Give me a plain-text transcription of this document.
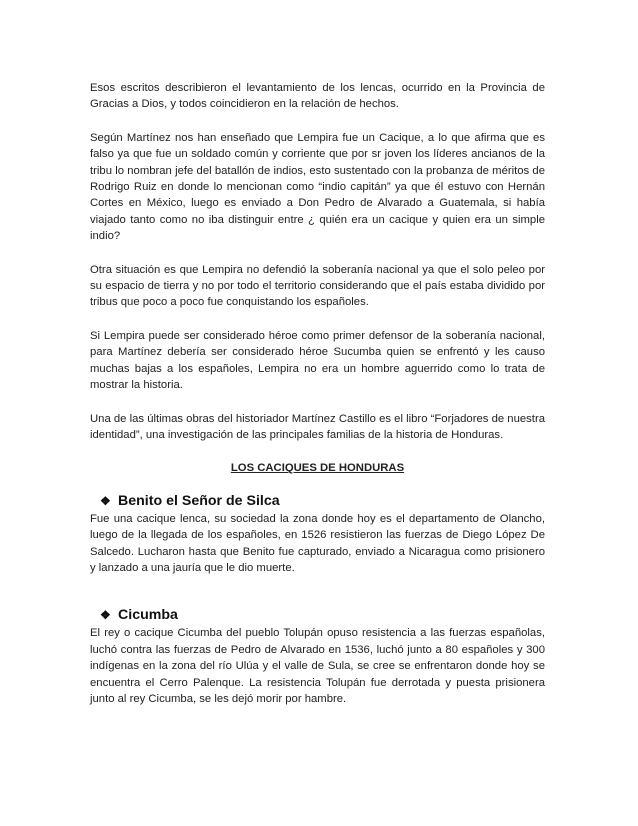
Esos escritos describieron el levantamiento de los lencas, ocurrido en la Provincia de Gracias a Dios, y todos coincidieron en la relación de hechos.

Según Martínez nos han enseñado que Lempira fue un Cacique, a lo que afirma que es falso ya que fue un soldado común y corriente que por sr joven los líderes ancianos de la tribu lo nombran jefe del batallón de indios, esto sustentado con la probanza de méritos de Rodrigo Ruiz en donde lo mencionan como “indio capitán” ya que él estuvo con Hernán Cortes en México, luego es enviado a Don Pedro de Alvarado a Guatemala, si había viajado tanto como no iba distinguir entre ¿ quién era un cacique y quien era un simple indio?

Otra situación es que Lempira no defendió la soberanía nacional ya que el solo peleo por su espacio de tierra y no por todo el territorio considerando que el país estaba dividido por tribus que poco a poco fue conquistando los españoles.

Si Lempira puede ser considerado héroe como primer defensor de la soberanía nacional, para Martínez debería ser considerado héroe Sucumba quien se enfrentó y les causo muchas bajas a los españoles, Lempira no era un hombre aguerrido como lo trata de mostrar la historia.

Una de las últimas obras del historiador Martínez Castillo es el libro “Forjadores de nuestra identidad”, una investigación de las principales familias de la historia de Honduras.

LOS CACIQUES DE HONDURAS
❖ Benito el Señor de Silca

Fue una cacique lenca, su sociedad la zona donde hoy es el departamento de Olancho, luego de la llegada de los españoles, en 1526 resistieron las fuerzas de Diego López De Salcedo. Lucharon hasta que Benito fue capturado, enviado a Nicaragua como prisionero y lanzado a una jauría que le dio muerte.

❖ Cicumba

El rey o cacique Cicumba del pueblo Tolupán opuso resistencia a las fuerzas españolas, luchó contra las fuerzas de Pedro de Alvarado en 1536, luchó junto a 80 españoles y 300 indígenas en la zona del río Ulúa y el valle de Sula, se cree se enfrentaron donde hoy se encuentra el Cerro Palenque. La resistencia Tolupán fue derrotada y puesta prisionera junto al rey Cicumba, se les dejó morir por hambre.
